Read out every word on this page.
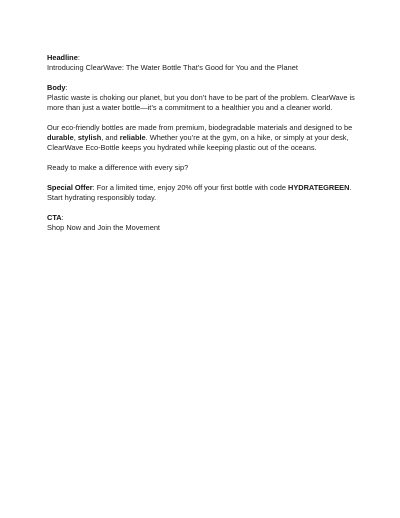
Headline:

Introducing ClearWave: The Water Bottle That’s Good for You and the Planet

Body:

Plastic waste is choking our planet, but you don’t have to be part of the problem. ClearWave is more than just a water bottle—it’s a commitment to a healthier you and a cleaner world.

Our eco-friendly bottles are made from premium, biodegradable materials and designed to be durable, stylish, and reliable. Whether you’re at the gym, on a hike, or simply at your desk, ClearWave Eco-Bottle keeps you hydrated while keeping plastic out of the oceans.

Ready to make a difference with every sip?

Special Offer: For a limited time, enjoy 20% off your first bottle with code HYDRATEGREEN. Start hydrating responsibly today.

CTA:

Shop Now and Join the Movement
